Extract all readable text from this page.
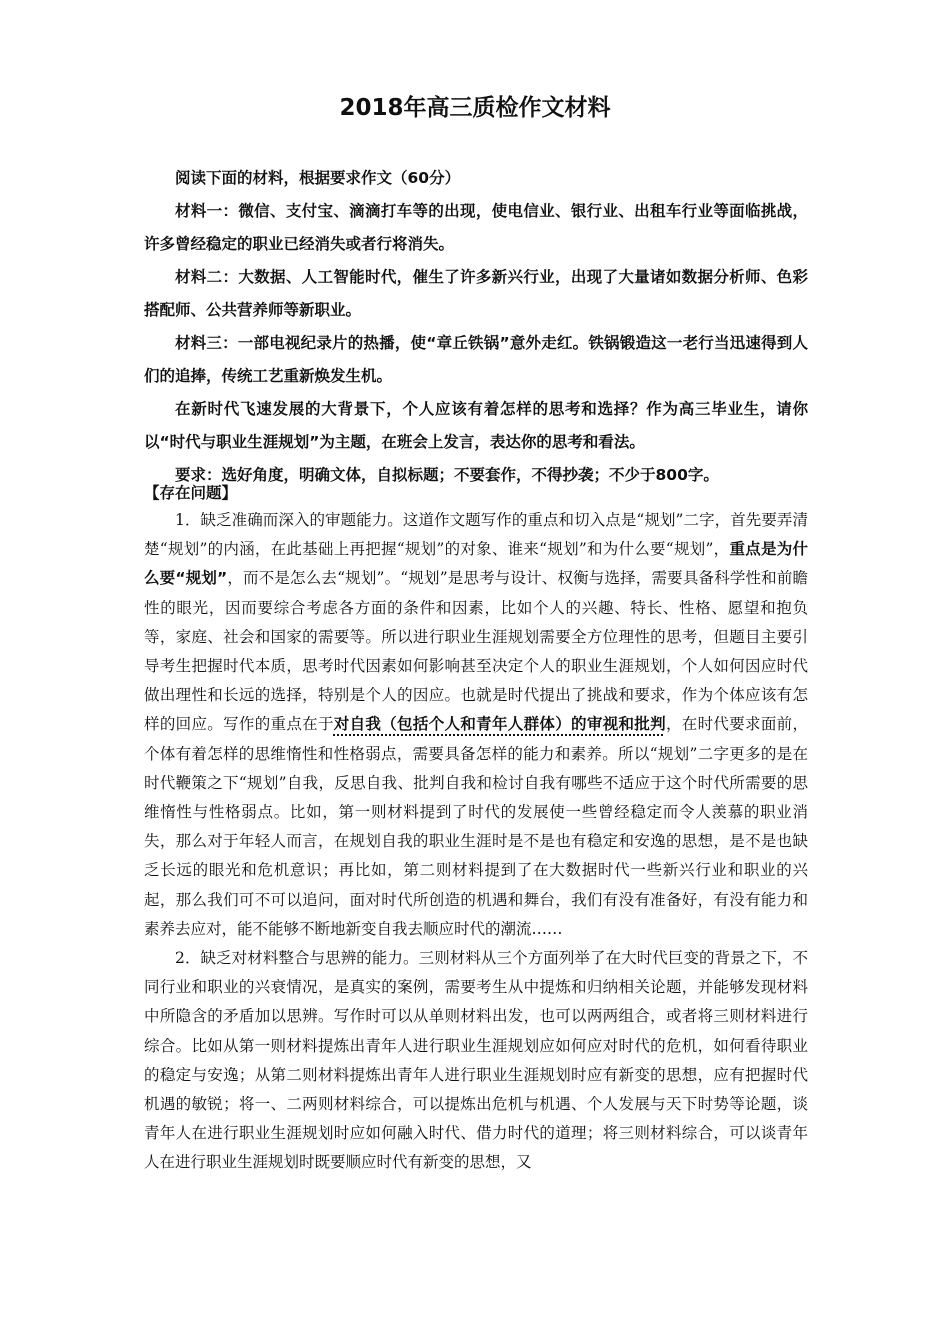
2018年高三质检作文材料

阅读下面的材料，根据要求作文（60分）

材料一：微信、支付宝、滴滴打车等的出现，使电信业、银行业、出租车行业等面临挑战，许多曾经稳定的职业已经消失或者行将消失。

材料二：大数据、人工智能时代，催生了许多新兴行业，出现了大量诸如数据分析师、色彩搭配师、公共营养师等新职业。

材料三：一部电视纪录片的热播，使“章丘铁锅”意外走红。铁锅锻造这一老行当迅速得到人们的追捧，传统工艺重新焕发生机。

在新时代飞速发展的大背景下，个人应该有着怎样的思考和选择？作为高三毕业生，请你以“时代与职业生涯规划”为主题，在班会上发言，表达你的思考和看法。

要求：选好角度，明确文体，自拟标题；不要套作，不得抄袭；不少于800字。

【存在问题】

1．缺乏准确而深入的审题能力。这道作文题写作的重点和切入点是“规划”二字，首先要弄清楚“规划”的内涵，在此基础上再把握“规划”的对象、谁来“规划”和为什么要“规划”，重点是为什么要“规划”，而不是怎么去“规划”。“规划”是思考与设计、权衡与选择，需要具备科学性和前瞻性的眼光，因而要综合考虑各方面的条件和因素，比如个人的兴趣、特长、性格、愿望和抱负等，家庭、社会和国家的需要等。所以进行职业生涯规划需要全方位理性的思考，但题目主要引导考生把握时代本质，思考时代因素如何影响甚至决定个人的职业生涯规划，个人如何因应时代做出理性和长远的选择，特别是个人的因应。也就是时代提出了挑战和要求，作为个体应该有怎样的回应。写作的重点在于对自我（包括个人和青年人群体）的审视和批判，在时代要求面前，个体有着怎样的思维惰性和性格弱点，需要具备怎样的能力和素养。所以“规划”二字更多的是在时代鞭策之下“规划”自我，反思自我、批判自我和检讨自我有哪些不适应于这个时代所需要的思维惰性与性格弱点。比如，第一则材料提到了时代的发展使一些曾经稳定而令人羡慕的职业消失，那么对于年轻人而言，在规划自我的职业生涯时是不是也有稳定和安逸的思想，是不是也缺乏长远的眼光和危机意识；再比如，第二则材料提到了在大数据时代一些新兴行业和职业的兴起，那么我们可不可以追问，面对时代所创造的机遇和舞台，我们有没有准备好，有没有能力和素养去应对，能不能够不断地新变自我去顺应时代的潮流……

2．缺乏对材料整合与思辨的能力。三则材料从三个方面列举了在大时代巨变的背景之下，不同行业和职业的兴衰情况，是真实的案例，需要考生从中提炼和归纳相关论题，并能够发现材料中所隐含的矛盾加以思辨。写作时可以从单则材料出发，也可以两两组合，或者将三则材料进行综合。比如从第一则材料提炼出青年人进行职业生涯规划应如何应对时代的危机，如何看待职业的稳定与安逸；从第二则材料提炼出青年人进行职业生涯规划时应有新变的思想，应有把握时代机遇的敏锐；将一、二两则材料综合，可以提炼出危机与机遇、个人发展与天下时势等论题，谈青年人在进行职业生涯规划时应如何融入时代、借力时代的道理；将三则材料综合，可以谈青年人在进行职业生涯规划时既要顺应时代有新变的思想，又
